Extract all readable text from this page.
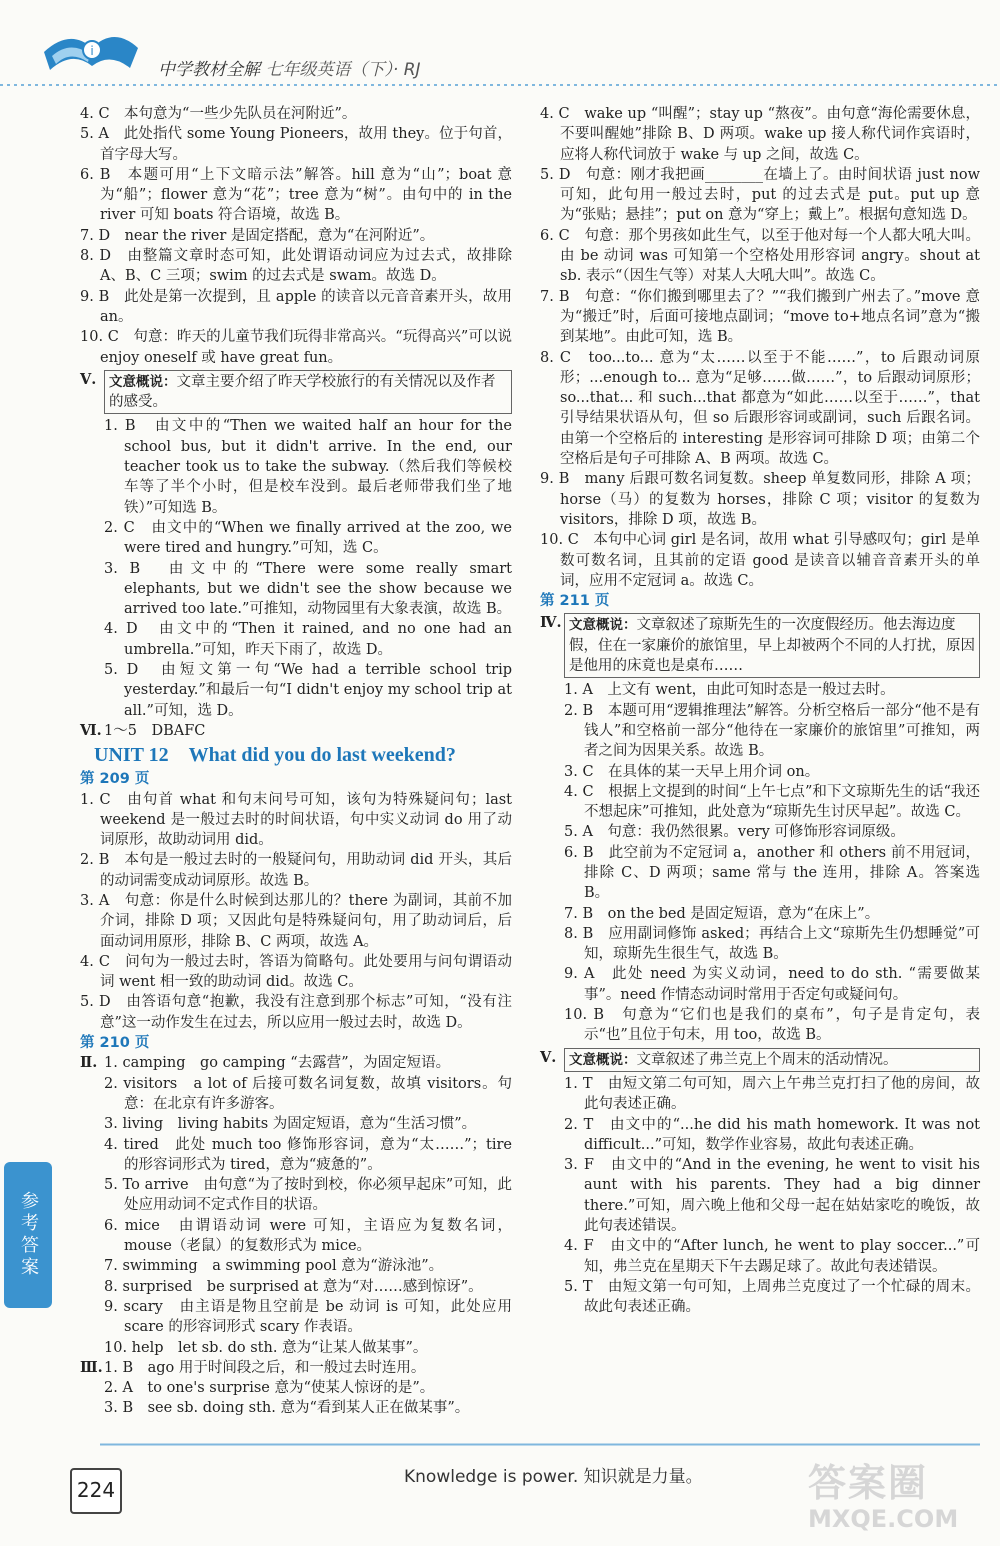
i
中学教材全解 七年级英语（下）· RJ

4. C　本句意为“一些少先队员在河附近”。

5. A　此处指代 some Young Pioneers，故用 they。位于句首，首字母大写。

6. B　本题可用“上下文暗示法”解答。hill 意为“山”；boat 意为“船”；flower 意为“花”；tree 意为“树”。由句中的 in the river 可知 boats 符合语境，故选 B。

7. D　near the river 是固定搭配，意为“在河附近”。

8. D　由整篇文章时态可知，此处谓语动词应为过去式，故排除 A、B、C 三项；swim 的过去式是 swam。故选 D。

9. B　此处是第一次提到，且 apple 的读音以元音音素开头，故用 an。

10. C　句意：昨天的儿童节我们玩得非常高兴。“玩得高兴”可以说 enjoy oneself 或 have great fun。

Ⅴ. 文意概说：文章主要介绍了昨天学校旅行的有关情况以及作者的感受。

1. B　由文中的“Then we waited half an hour for the school bus, but it didn't arrive. In the end, our teacher took us to take the subway.（然后我们等候校车等了半个小时，但是校车没到。最后老师带我们坐了地铁）”可知选 B。

2. C　由文中的“When we finally arrived at the zoo, we were tired and hungry.”可知，选 C。

3. B　由文中的“There were some really smart elephants, but we didn't see the show because we arrived too late.”可推知，动物园里有大象表演，故选 B。

4. D　由文中的“Then it rained, and no one had an umbrella.”可知，昨天下雨了，故选 D。

5. D　由短文第一句“We had a terrible school trip yesterday.”和最后一句“I didn't enjoy my school trip at all.”可知，选 D。

Ⅵ. 1～5　DBAFC

UNIT 12　What did you do last weekend?
第 209 页

1. C　由句首 what 和句末问号可知，该句为特殊疑问句；last weekend 是一般过去时的时间状语，句中实义动词 do 用了动词原形，故助动词用 did。

2. B　本句是一般过去时的一般疑问句，用助动词 did 开头，其后的动词需变成动词原形。故选 B。

3. A　句意：你是什么时候到达那儿的？there 为副词，其前不加介词，排除 D 项；又因此句是特殊疑问句，用了助动词后，后面动词用原形，排除 B、C 两项，故选 A。

4. C　问句为一般过去时，答语为简略句。此处要用与问句谓语动词 went 相一致的助动词 did。故选 C。

5. D　由答语句意“抱歉，我没有注意到那个标志”可知，“没有注意”这一动作发生在过去，所以应用一般过去时，故选 D。

第 210 页
Ⅱ. 1. camping　go camping “去露营”，为固定短语。

2. visitors　a lot of 后接可数名词复数，故填 visitors。句意：在北京有许多游客。

3. living　living habits 为固定短语，意为“生活习惯”。

4. tired　此处 much too 修饰形容词，意为“太……”；tire 的形容词形式为 tired，意为“疲惫的”。

5. To arrive　由句意“为了按时到校，你必须早起床”可知，此处应用动词不定式作目的状语。

6. mice　由谓语动词 were 可知，主语应为复数名词，mouse（老鼠）的复数形式为 mice。

7. swimming　a swimming pool 意为“游泳池”。

8. surprised　be surprised at 意为“对……感到惊讶”。

9. scary　由主语是物且空前是 be 动词 is 可知，此处应用 scare 的形容词形式 scary 作表语。

10. help　let sb. do sth. 意为“让某人做某事”。

Ⅲ. 1. B　ago 用于时间段之后，和一般过去时连用。

2. A　to one's surprise 意为“使某人惊讶的是”。

3. B　see sb. doing sth. 意为“看到某人正在做某事”。

4. C　wake up “叫醒”；stay up “熬夜”。由句意“海伦需要休息，不要叫醒她”排除 B、D 两项。wake up 接人称代词作宾语时，应将人称代词放于 wake 与 up 之间，故选 C。

5. D　句意：刚才我把画________在墙上了。由时间状语 just now 可知，此句用一般过去时，put 的过去式是 put。put up 意为“张贴；悬挂”；put on 意为“穿上；戴上”。根据句意知选 D。

6. C　句意：那个男孩如此生气，以至于他对每一个人都大吼大叫。由 be 动词 was 可知第一个空格处用形容词 angry。shout at sb. 表示“（因生气等）对某人大吼大叫”。故选 C。

7. B　句意：“你们搬到哪里去了？”“我们搬到广州去了。”move 意为“搬迁”时，后面可接地点副词；“move to+地点名词”意为“搬到某地”。由此可知，选 B。

8. C　too...to... 意为“太……以至于不能……”，to 后跟动词原形；...enough to... 意为“足够……做……”，to 后跟动词原形；so...that... 和 such...that 都意为“如此……以至于……”，that 引导结果状语从句，但 so 后跟形容词或副词，such 后跟名词。由第一个空格后的 interesting 是形容词可排除 D 项；由第二个空格后是句子可排除 A、B 两项。故选 C。

9. B　many 后跟可数名词复数。sheep 单复数同形，排除 A 项；horse（马）的复数为 horses，排除 C 项；visitor 的复数为 visitors，排除 D 项，故选 B。

10. C　本句中心词 girl 是名词，故用 what 引导感叹句；girl 是单数可数名词，且其前的定语 good 是读音以辅音音素开头的单词，应用不定冠词 a。故选 C。

第 211 页
Ⅳ. 文意概说：文章叙述了琼斯先生的一次度假经历。他去海边度假，住在一家廉价的旅馆里，早上却被两个不同的人打扰，原因是他用的床竟也是桌布……

1. A　上文有 went，由此可知时态是一般过去时。

2. B　本题可用“逻辑推理法”解答。分析空格后一部分“他不是有钱人”和空格前一部分“他待在一家廉价的旅馆里”可推知，两者之间为因果关系。故选 B。

3. C　在具体的某一天早上用介词 on。

4. C　根据上文提到的时间“上午七点”和下文琼斯先生的话“我还不想起床”可推知，此处意为“琼斯先生讨厌早起”。故选 C。

5. A　句意：我仍然很累。very 可修饰形容词原级。

6. B　此空前为不定冠词 a，another 和 others 前不用冠词，排除 C、D 两项；same 常与 the 连用，排除 A。答案选 B。

7. B　on the bed 是固定短语，意为“在床上”。

8. B　应用副词修饰 asked；再结合上文“琼斯先生仍想睡觉”可知，琼斯先生很生气，故选 B。

9. A　此处 need 为实义动词，need to do sth. “需要做某事”。need 作情态动词时常用于否定句或疑问句。

10. B　句意为“它们也是我们的桌布”，句子是肯定句，表示“也”且位于句末，用 too，故选 B。

Ⅴ. 文意概说：文章叙述了弗兰克上个周末的活动情况。

1. T　由短文第二句可知，周六上午弗兰克打扫了他的房间，故此句表述正确。

2. T　由文中的“...he did his math homework. It was not difficult...”可知，数学作业容易，故此句表述正确。

3. F　由文中的“And in the evening, he went to visit his aunt with his parents. They had a big dinner there.”可知，周六晚上他和父母一起在姑姑家吃的晚饭，故此句表述错误。

4. F　由文中的“After lunch, he went to play soccer...”可知，弗兰克在星期天下午去踢足球了。故此句表述错误。

5. T　由短文第一句可知，上周弗兰克度过了一个忙碌的周末。故此句表述正确。

参考答案
224
Knowledge is power. 知识就是力量。	答案圈
MXQE.COM
